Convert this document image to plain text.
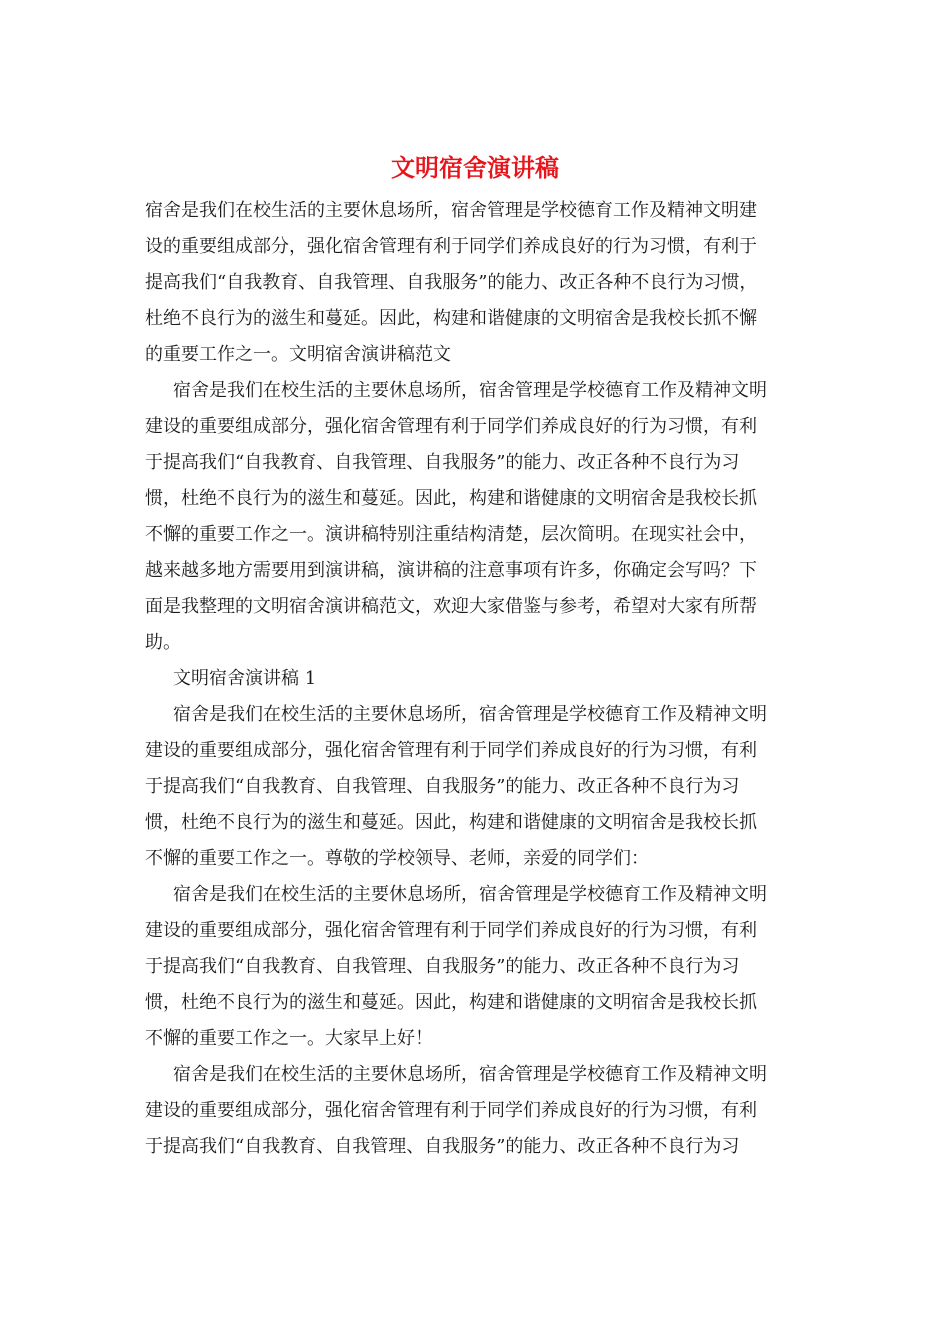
文明宿舍演讲稿
宿舍是我们在校生活的主要休息场所，宿舍管理是学校德育工作及精神文明建
设的重要组成部分，强化宿舍管理有利于同学们养成良好的行为习惯，有利于
提高我们“自我教育、自我管理、自我服务”的能力、改正各种不良行为习惯，
杜绝不良行为的滋生和蔓延。因此，构建和谐健康的文明宿舍是我校长抓不懈
的重要工作之一。文明宿舍演讲稿范文
宿舍是我们在校生活的主要休息场所，宿舍管理是学校德育工作及精神文明
建设的重要组成部分，强化宿舍管理有利于同学们养成良好的行为习惯，有利
于提高我们“自我教育、自我管理、自我服务”的能力、改正各种不良行为习
惯，杜绝不良行为的滋生和蔓延。因此，构建和谐健康的文明宿舍是我校长抓
不懈的重要工作之一。演讲稿特别注重结构清楚，层次简明。在现实社会中，
越来越多地方需要用到演讲稿，演讲稿的注意事项有许多，你确定会写吗？下
面是我整理的文明宿舍演讲稿范文，欢迎大家借鉴与参考，希望对大家有所帮
助。
文明宿舍演讲稿 1
宿舍是我们在校生活的主要休息场所，宿舍管理是学校德育工作及精神文明
建设的重要组成部分，强化宿舍管理有利于同学们养成良好的行为习惯，有利
于提高我们“自我教育、自我管理、自我服务”的能力、改正各种不良行为习
惯，杜绝不良行为的滋生和蔓延。因此，构建和谐健康的文明宿舍是我校长抓
不懈的重要工作之一。尊敬的学校领导、老师，亲爱的同学们：
宿舍是我们在校生活的主要休息场所，宿舍管理是学校德育工作及精神文明
建设的重要组成部分，强化宿舍管理有利于同学们养成良好的行为习惯，有利
于提高我们“自我教育、自我管理、自我服务”的能力、改正各种不良行为习
惯，杜绝不良行为的滋生和蔓延。因此，构建和谐健康的文明宿舍是我校长抓
不懈的重要工作之一。大家早上好！
宿舍是我们在校生活的主要休息场所，宿舍管理是学校德育工作及精神文明
建设的重要组成部分，强化宿舍管理有利于同学们养成良好的行为习惯，有利
于提高我们“自我教育、自我管理、自我服务”的能力、改正各种不良行为习
